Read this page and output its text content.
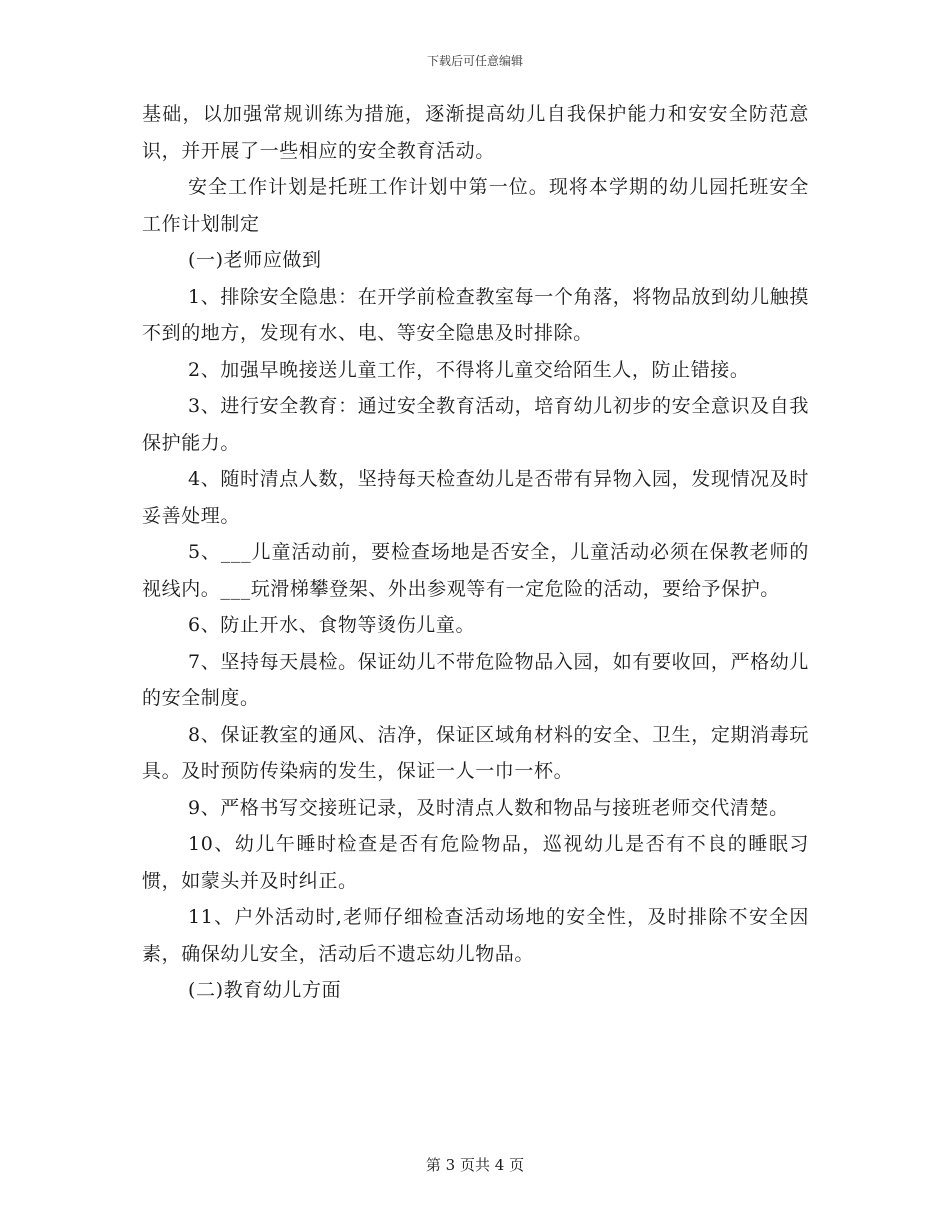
下载后可任意编辑

基础，以加强常规训练为措施，逐渐提高幼儿自我保护能力和安安全防范意识，并开展了一些相应的安全教育活动。

安全工作计划是托班工作计划中第一位。现将本学期的幼儿园托班安全工作计划制定

(一)老师应做到

1、排除安全隐患：在开学前检查教室每一个角落，将物品放到幼儿触摸不到的地方，发现有水、电、等安全隐患及时排除。

2、加强早晚接送儿童工作，不得将儿童交给陌生人，防止错接。

3、进行安全教育：通过安全教育活动，培育幼儿初步的安全意识及自我保护能力。

4、随时清点人数，坚持每天检查幼儿是否带有异物入园，发现情况及时妥善处理。

5、___儿童活动前，要检查场地是否安全，儿童活动必须在保教老师的视线内。___玩滑梯攀登架、外出参观等有一定危险的活动，要给予保护。

6、防止开水、食物等烫伤儿童。

7、坚持每天晨检。保证幼儿不带危险物品入园，如有要收回，严格幼儿的安全制度。

8、保证教室的通风、洁净，保证区域角材料的安全、卫生，定期消毒玩具。及时预防传染病的发生，保证一人一巾一杯。

9、严格书写交接班记录，及时清点人数和物品与接班老师交代清楚。

10、幼儿午睡时检查是否有危险物品，巡视幼儿是否有不良的睡眠习惯，如蒙头并及时纠正。

11、户外活动时,老师仔细检查活动场地的安全性，及时排除不安全因素，确保幼儿安全，活动后不遗忘幼儿物品。

(二)教育幼儿方面

第 3 页共 4 页
